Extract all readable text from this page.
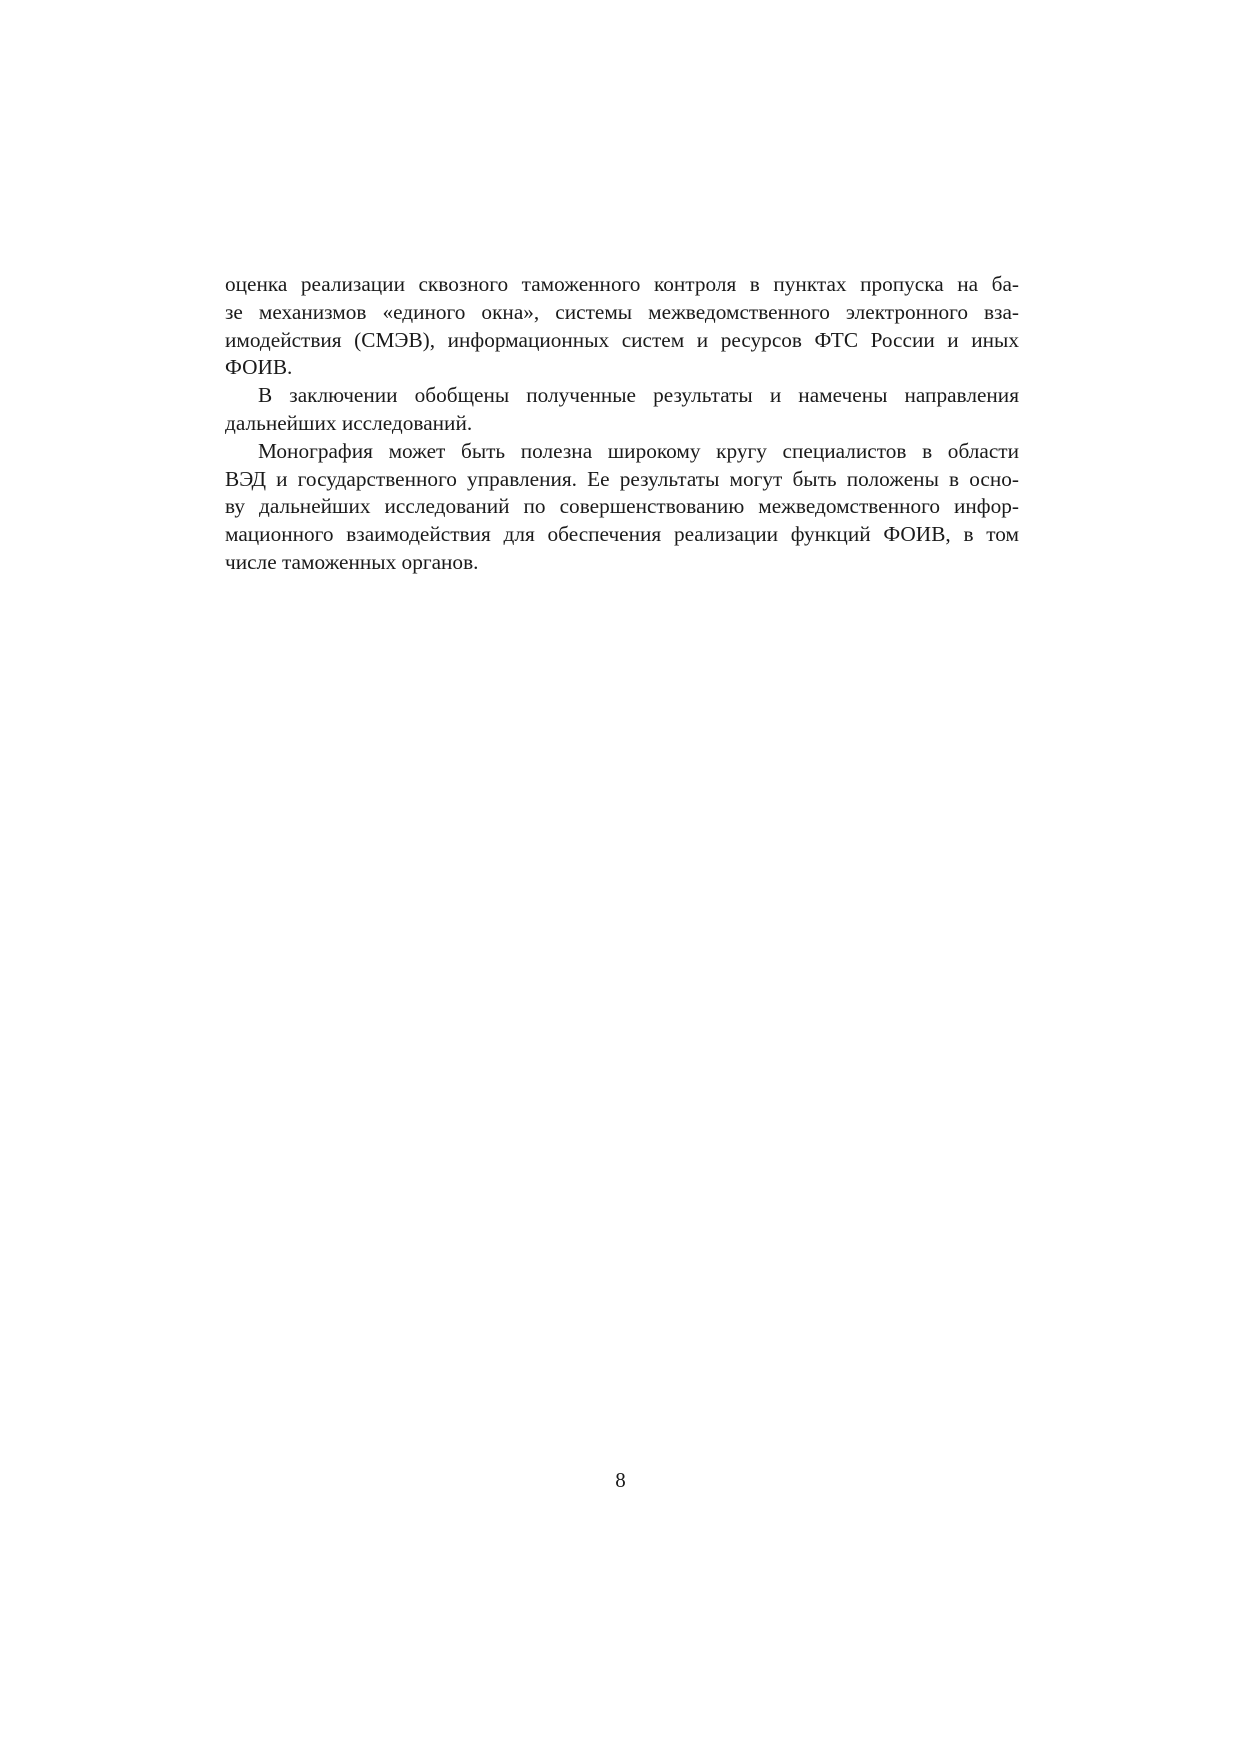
оценка реализации сквозного таможенного контроля в пунктах пропуска на ба-
зе механизмов «единого окна», системы межведомственного электронного вза-
имодействия (СМЭВ), информационных систем и ресурсов ФТС России и иных
ФОИВ.
В заключении обобщены полученные результаты и намечены направления
дальнейших исследований.
Монография может быть полезна широкому кругу специалистов в области
ВЭД и государственного управления. Ее результаты могут быть положены в осно-
ву дальнейших исследований по совершенствованию межведомственного инфор-
мационного взаимодействия для обеспечения реализации функций ФОИВ, в том
числе таможенных органов.
8
